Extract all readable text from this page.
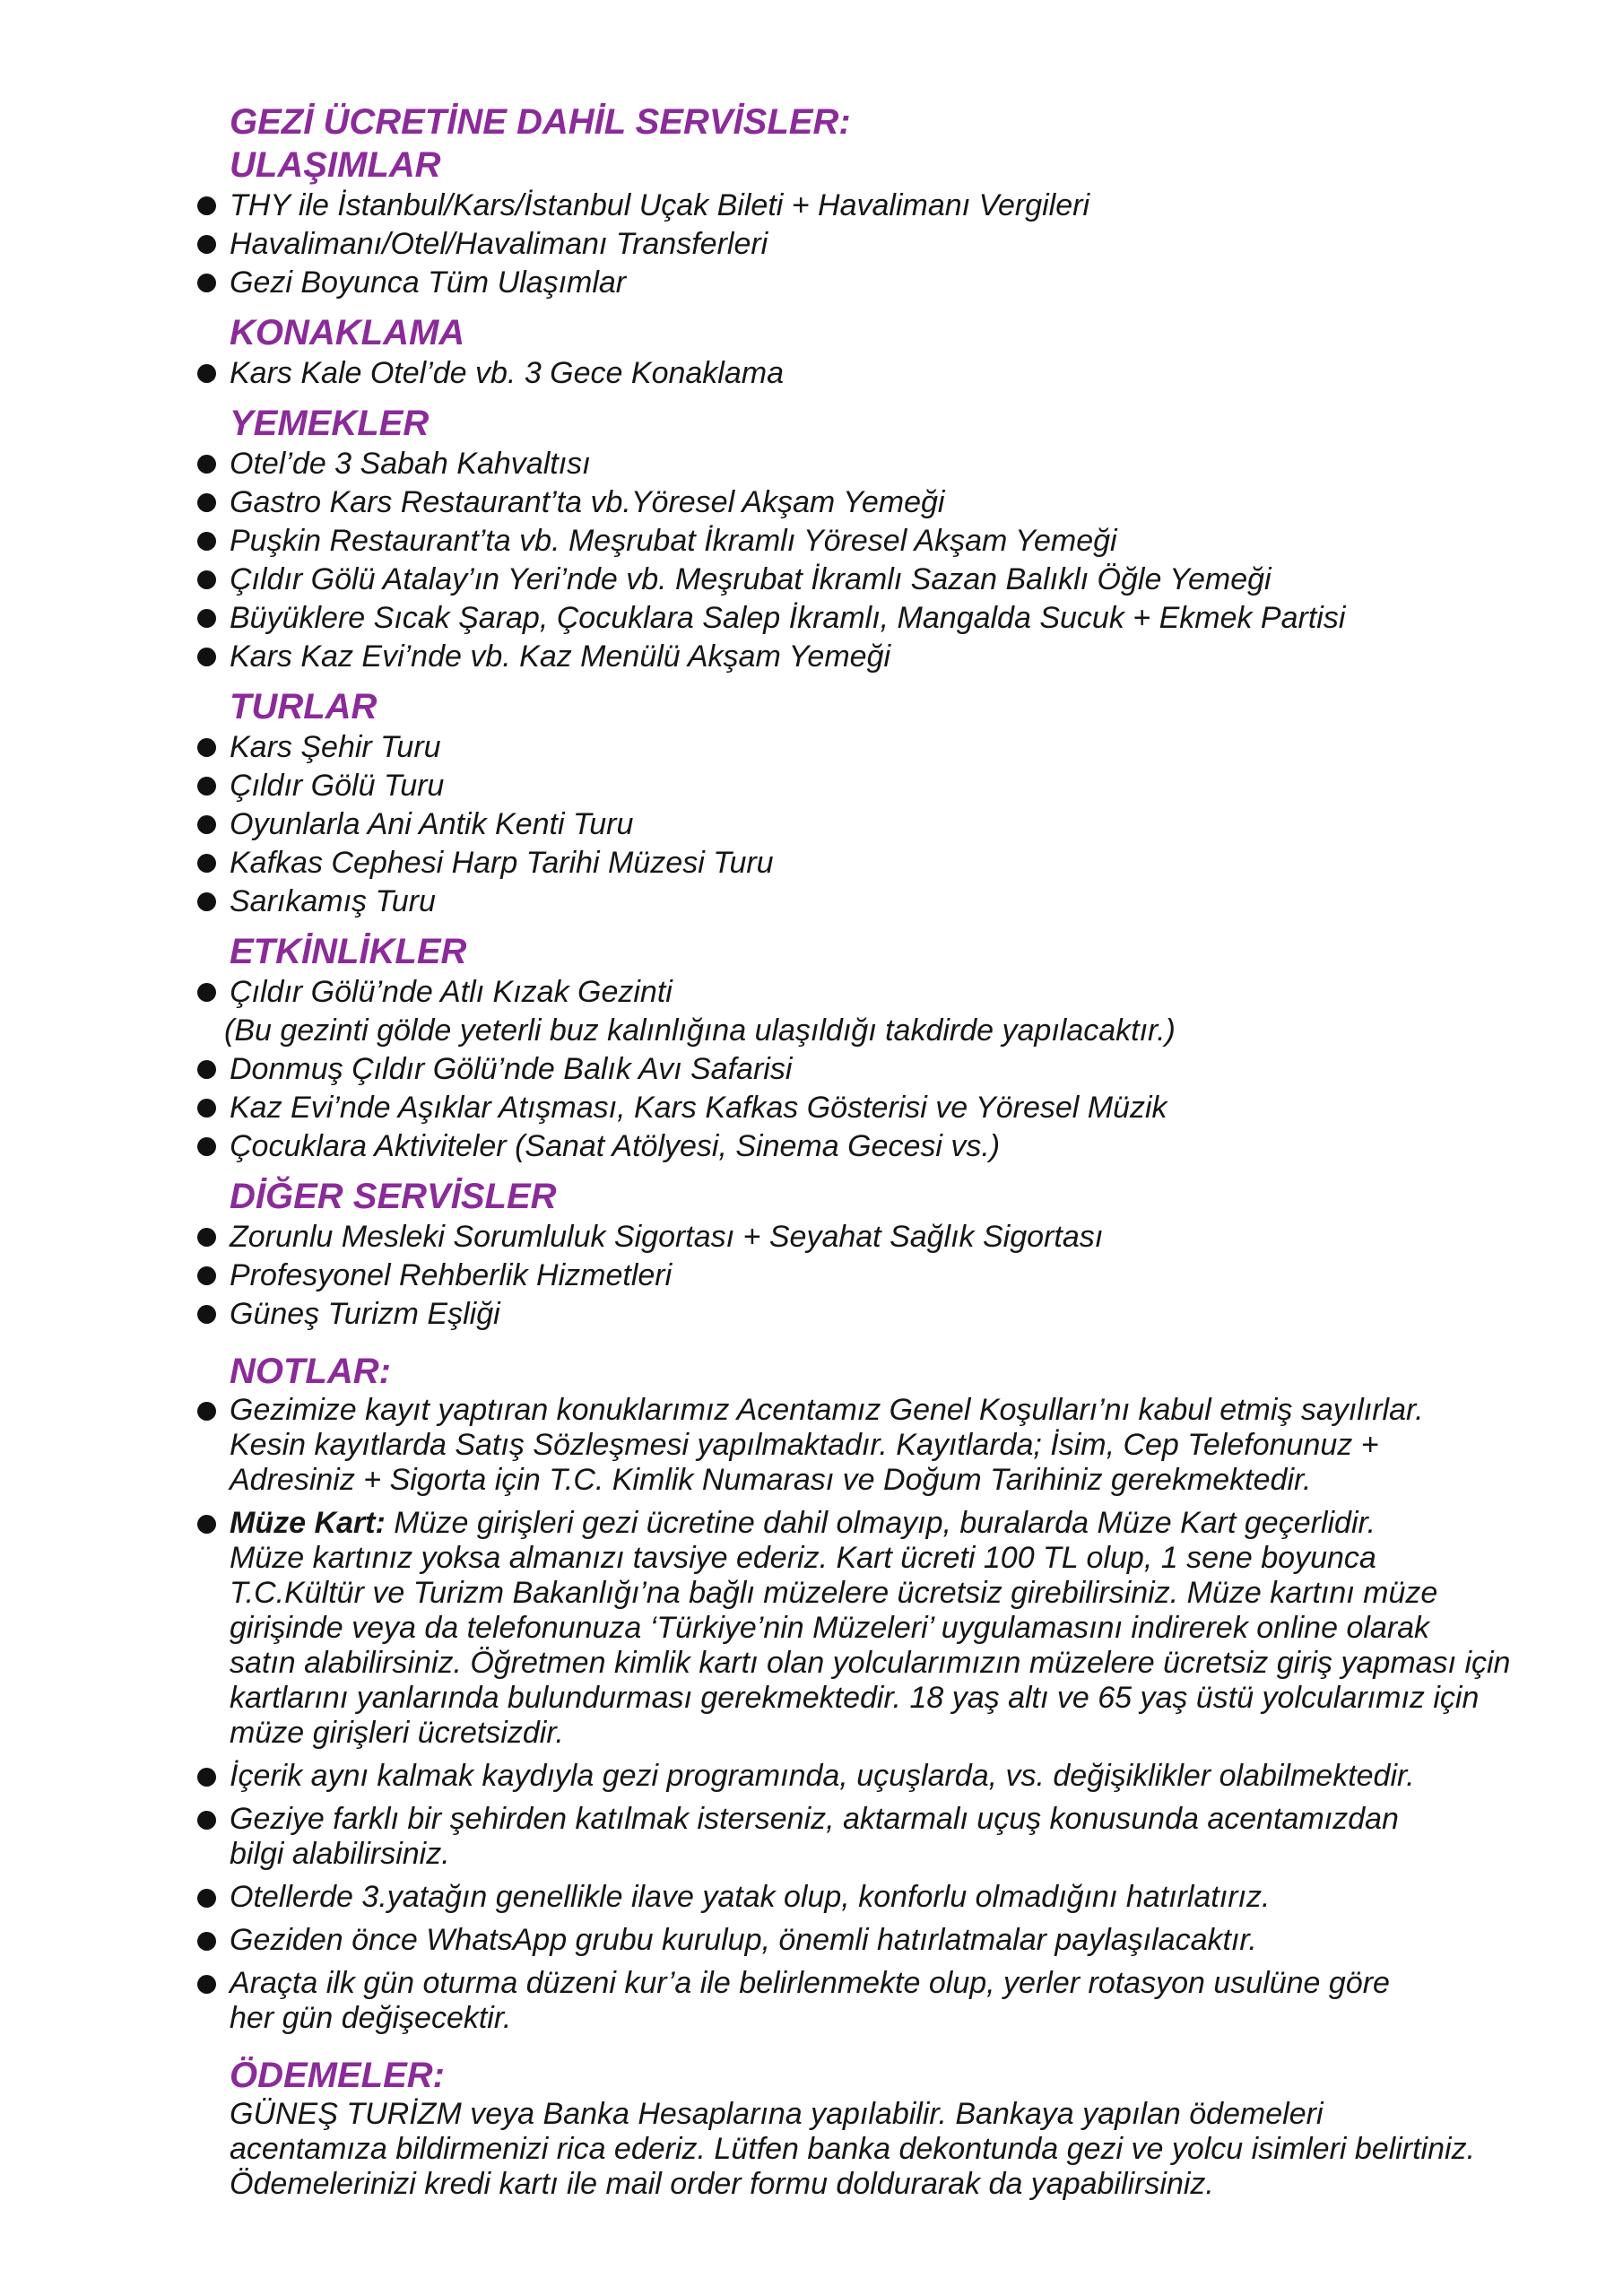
GEZİ ÜCRETİNE DAHİL SERVİSLER:

ULAŞIMLAR

THY ile İstanbul/Kars/İstanbul Uçak Bileti + Havalimanı Vergileri

Havalimanı/Otel/Havalimanı Transferleri

Gezi Boyunca Tüm Ulaşımlar

KONAKLAMA

Kars Kale Otel’de vb. 3 Gece Konaklama

YEMEKLER

Otel’de 3 Sabah Kahvaltısı

Gastro Kars Restaurant’ta vb.Yöresel Akşam Yemeği

Puşkin Restaurant’ta vb. Meşrubat İkramlı Yöresel Akşam Yemeği

Çıldır Gölü Atalay’ın Yeri’nde vb. Meşrubat İkramlı Sazan Balıklı Öğle Yemeği

Büyüklere Sıcak Şarap, Çocuklara Salep İkramlı, Mangalda Sucuk + Ekmek Partisi

Kars Kaz Evi’nde vb. Kaz Menülü Akşam Yemeği

TURLAR

Kars Şehir Turu

Çıldır Gölü Turu

Oyunlarla Ani Antik Kenti Turu

Kafkas Cephesi Harp Tarihi Müzesi Turu

Sarıkamış Turu

ETKİNLİKLER

Çıldır Gölü’nde Atlı Kızak Gezinti

(Bu gezinti gölde yeterli buz kalınlığına ulaşıldığı takdirde yapılacaktır.)

Donmuş Çıldır Gölü’nde Balık Avı Safarisi

Kaz Evi’nde Aşıklar Atışması, Kars Kafkas Gösterisi ve Yöresel Müzik

Çocuklara Aktiviteler (Sanat Atölyesi, Sinema Gecesi vs.)

DİĞER SERVİSLER

Zorunlu Mesleki Sorumluluk Sigortası + Seyahat Sağlık Sigortası

Profesyonel Rehberlik Hizmetleri

Güneş Turizm Eşliği

NOTLAR:

Gezimize kayıt yaptıran konuklarımız Acentamız Genel Koşulları’nı kabul etmiş sayılırlar.
Kesin kayıtlarda Satış Sözleşmesi yapılmaktadır. Kayıtlarda; İsim, Cep Telefonunuz +
Adresiniz + Sigorta için T.C. Kimlik Numarası ve Doğum Tarihiniz gerekmektedir.
Müze Kart: Müze girişleri gezi ücretine dahil olmayıp, buralarda Müze Kart geçerlidir.
Müze kartınız yoksa almanızı tavsiye ederiz. Kart ücreti 100 TL olup, 1 sene boyunca
T.C.Kültür ve Turizm Bakanlığı’na bağlı müzelere ücretsiz girebilirsiniz. Müze kartını müze
girişinde veya da telefonunuza ‘Türkiye’nin Müzeleri’ uygulamasını indirerek online olarak
satın alabilirsiniz. Öğretmen kimlik kartı olan yolcularımızın müzelere ücretsiz giriş yapması için
kartlarını yanlarında bulundurması gerekmektedir. 18 yaş altı ve 65 yaş üstü yolcularımız için
müze girişleri ücretsizdir.
İçerik aynı kalmak kaydıyla gezi programında, uçuşlarda, vs. değişiklikler olabilmektedir.
Geziye farklı bir şehirden katılmak isterseniz, aktarmalı uçuş konusunda acentamızdan
bilgi alabilirsiniz.
Otellerde 3.yatağın genellikle ilave yatak olup, konforlu olmadığını hatırlatırız.
Geziden önce WhatsApp grubu kurulup, önemli hatırlatmalar paylaşılacaktır.
Araçta ilk gün oturma düzeni kur’a ile belirlenmekte olup, yerler rotasyon usulüne göre
her gün değişecektir.

ÖDEMELER:

GÜNEŞ TURİZM veya Banka Hesaplarına yapılabilir. Bankaya yapılan ödemeleri
acentamıza bildirmenizi rica ederiz. Lütfen banka dekontunda gezi ve yolcu isimleri belirtiniz.
Ödemelerinizi kredi kartı ile mail order formu doldurarak da yapabilirsiniz.
